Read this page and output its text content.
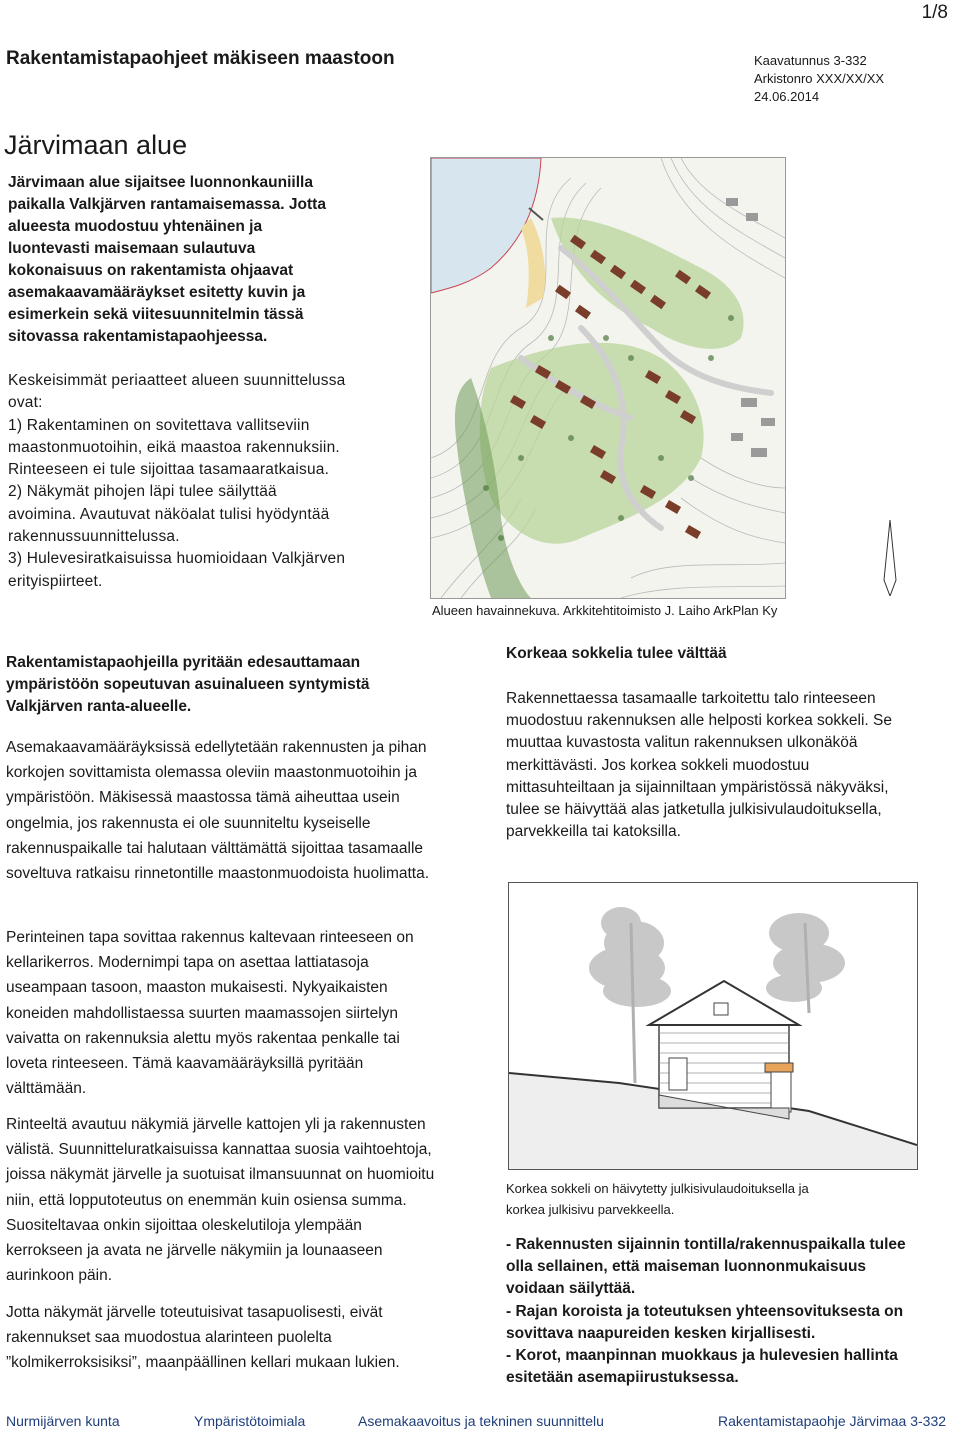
1/8
Rakentamistapaohjeet mäkiseen maastoon	Kaavatunnus 3-332
Arkistonro XXX/XX/XX
24.06.2014
Järvimaan alue
Järvimaan alue sijaitsee luonnonkauniilla paikalla Valkjärven rantamaisemassa. Jotta alueesta muodostuu yhtenäinen ja luontevasti maisemaan sulautuva kokonaisuus on rakentamista ohjaavat asemakaavamääräykset esitetty kuvin ja esimerkein sekä viitesuunnitelmin tässä sitovassa rakentamistapaohjeessa.
Keskeisimmät periaatteet alueen suunnittelussa ovat:
1) Rakentaminen on sovitettava vallitseviin maastonmuotoihin, eikä maastoa rakennuksiin. Rinteeseen ei tule sijoittaa tasamaaratkaisua.
2) Näkymät pihojen läpi tulee säilyttää avoimina. Avautuvat näköalat tulisi hyödyntää rakennussuunnittelussa.
3) Hulevesiratkaisuissa huomioidaan Valkjärven erityispiirteet.
Alueen havainnekuva. Arkkitehtitoimisto J. Laiho ArkPlan Ky
Rakentamistapaohjeilla pyritään edesauttamaan ympäristöön sopeutuvan asuinalueen syntymistä Valkjärven ranta-alueelle.
Asemakaavamääräyksissä edellytetään rakennusten ja pihan korkojen sovittamista olemassa oleviin maastonmuotoihin ja ympäristöön. Mäkisessä maastossa tämä aiheuttaa usein ongelmia, jos rakennusta ei ole suunniteltu kyseiselle rakennuspaikalle tai halutaan välttämättä sijoittaa tasamaalle soveltuva ratkaisu rinnetontille maastonmuodoista huolimatta.
Perinteinen tapa sovittaa rakennus kaltevaan rinteeseen on kellarikerros. Modernimpi tapa on asettaa lattiatasoja useampaan tasoon, maaston mukaisesti. Nykyaikaisten koneiden mahdollistaessa suurten maamassojen siirtelyn vaivatta on rakennuksia alettu myös rakentaa penkalle tai loveta rinteeseen. Tämä kaavamääräyksillä pyritään välttämään.
Rinteeltä avautuu näkymiä järvelle kattojen yli ja rakennusten välistä. Suunnitteluratkaisuissa kannattaa suosia vaihtoehtoja, joissa näkymät järvelle ja suotuisat ilmansuunnat on huomioitu niin, että lopputoteutus on enemmän kuin osiensa summa. Suositeltavaa onkin sijoittaa oleskelutiloja ylempään kerrokseen ja avata ne järvelle näkymiin ja lounaaseen aurinkoon päin.
Jotta näkymät järvelle toteutuisivat tasapuolisesti, eivät rakennukset saa muodostua alarinteen puolelta ”kolmikerroksisiksi”, maanpäällinen kellari mukaan lukien.
Korkeaa sokkelia tulee välttää
Rakennettaessa tasamaalle tarkoitettu talo rinteeseen muodostuu rakennuksen alle helposti korkea sokkeli. Se muuttaa kuvastosta valitun rakennuksen ulkonäköä merkittävästi. Jos korkea sokkeli muodostuu mittasuhteiltaan ja sijainniltaan ympäristössä näkyväksi, tulee se häivyttää alas jatketulla julkisivulaudoituksella, parvekkeilla tai katoksilla.
Korkea sokkeli on häivytetty julkisivulaudoituksella ja korkea julkisivu parvekkeella.
- Rakennusten sijainnin tontilla/rakennuspaikalla tulee olla sellainen, että maiseman luonnonmukaisuus voidaan säilyttää.
- Rajan koroista ja toteutuksen yhteensovituksesta on sovittava naapureiden kesken kirjallisesti.
- Korot, maanpinnan muokkaus ja hulevesien hallinta esitetään asemapiirustuksessa.
Nurmijärven kunta	Ympäristötoimiala	Asemakaavoitus ja tekninen suunnittelu	Rakentamistapaohje Järvimaa 3-332
